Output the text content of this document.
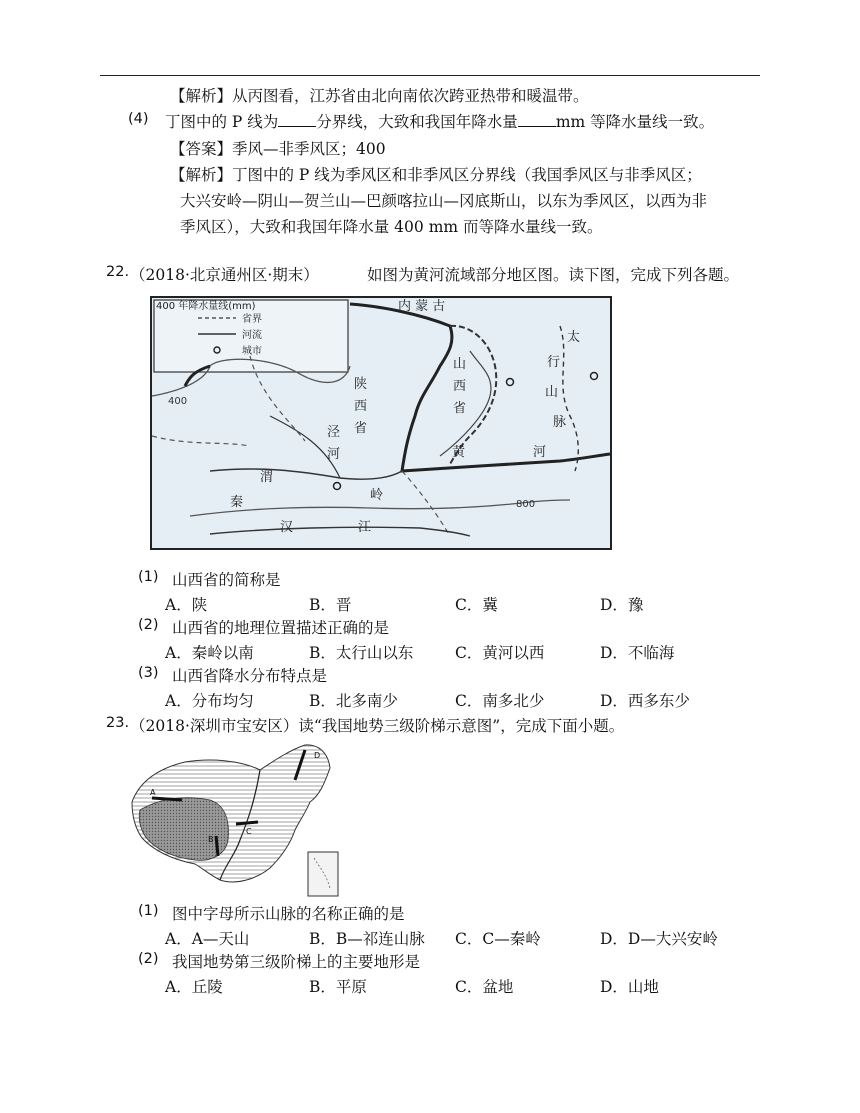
【解析】从丙图看，江苏省由北向南依次跨亚热带和暖温带。
(4) 丁图中的 P 线为 分界线，大致和我国年降水量 mm 等降水量线一致。
【答案】季风—非季风区；400
【解析】丁图中的 P 线为季风区和非季风区分界线（我国季风区与非季风区；
大兴安岭—阴山—贺兰山—巴颜喀拉山—冈底斯山，以东为季风区，以西为非
季风区），大致和我国年降水量 400 mm 而等降水量线一致。
22. （2018·北京通州区·期末）	如图为黄河流域部分地区图。读下图，完成下列各题。
400 年降水量线(mm)
省界
河流
城市
400
800
内 蒙 古
太
行
山
脉
山
西
省
陕
西
省
泾
河
渭
秦	岭
黄	河
汉	江
(1) 山西省的简称是
A．陕	B．晋	C．冀	D．豫
(2) 山西省的地理位置描述正确的是
A．秦岭以南	B．太行山以东	C．黄河以西	D．不临海
(3) 山西省降水分布特点是
A．分布均匀	B．北多南少	C．南多北少	D．西多东少
23. （2018·深圳市宝安区）读“我国地势三级阶梯示意图”，完成下面小题。
A
B
C
D
(1) 图中字母所示山脉的名称正确的是
A．A—天山	B．B—祁连山脉 C．C—秦岭	D．D—大兴安岭
(2) 我国地势第三级阶梯上的主要地形是
A．丘陵	B．平原	C．盆地	D．山地
